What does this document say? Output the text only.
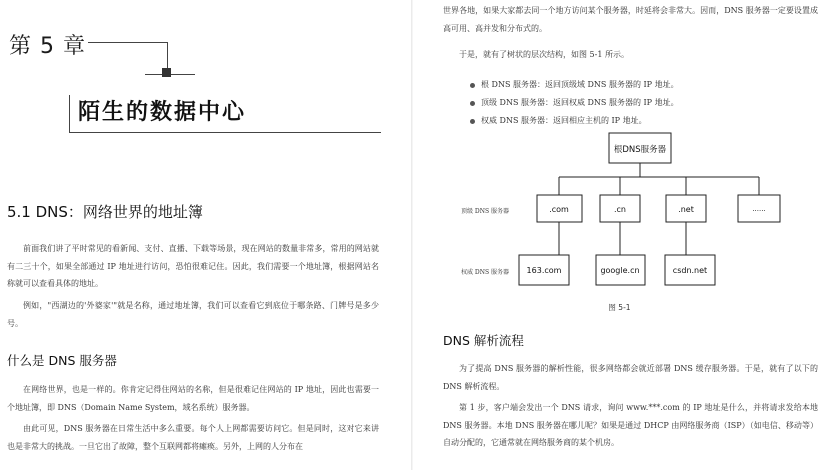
第 5 章
陌生的数据中心
5.1 DNS：网络世界的地址簿
前面我们讲了平时常见的看新闻、支付、直播、下载等场景，现在网站的数量非常多，常用的网站就有二三十个，如果全部通过 IP 地址进行访问，恐怕很难记住。因此，我们需要一个地址簿，根据网站名称就可以查看具体的地址。
例如，"西湖边的'外婆家'"就是名称，通过地址簿，我们可以查看它到底位于哪条路、门牌号是多少号。
什么是 DNS 服务器
在网络世界，也是一样的。你肯定记得住网站的名称，但是很难记住网站的 IP 地址，因此也需要一个地址簿，即 DNS（Domain Name System，域名系统）服务器。
由此可见，DNS 服务器在日常生活中多么重要。每个人上网都需要访问它。但是同时，这对它来讲也是非常大的挑战。一旦它出了故障，整个互联网都将瘫痪。另外，上网的人分布在
世界各地，如果大家都去同一个地方访问某个服务器，时延将会非常大。因而，DNS 服务器一定要设置成高可用、高并发和分布式的。
于是，就有了树状的层次结构，如图 5-1 所示。
根 DNS 服务器：返回顶级域 DNS 服务器的 IP 地址。
顶级 DNS 服务器：返回权威 DNS 服务器的 IP 地址。
权威 DNS 服务器：返回相应主机的 IP 地址。
根DNS服务器
顶级 DNS 服务器
权威 DNS 服务器
.com	.cn	.net	......
163.com	google.cn	csdn.net
图 5-1
DNS 解析流程
为了提高 DNS 服务器的解析性能，很多网络都会就近部署 DNS 缓存服务器。于是，就有了以下的 DNS 解析流程。
第 1 步，客户端会发出一个 DNS 请求，询问 www.***.com 的 IP 地址是什么，并将请求发给本地 DNS 服务器。本地 DNS 服务器在哪儿呢？如果是通过 DHCP 由网络服务商（ISP）（如电信、移动等）自动分配的，它通常就在网络服务商的某个机房。
